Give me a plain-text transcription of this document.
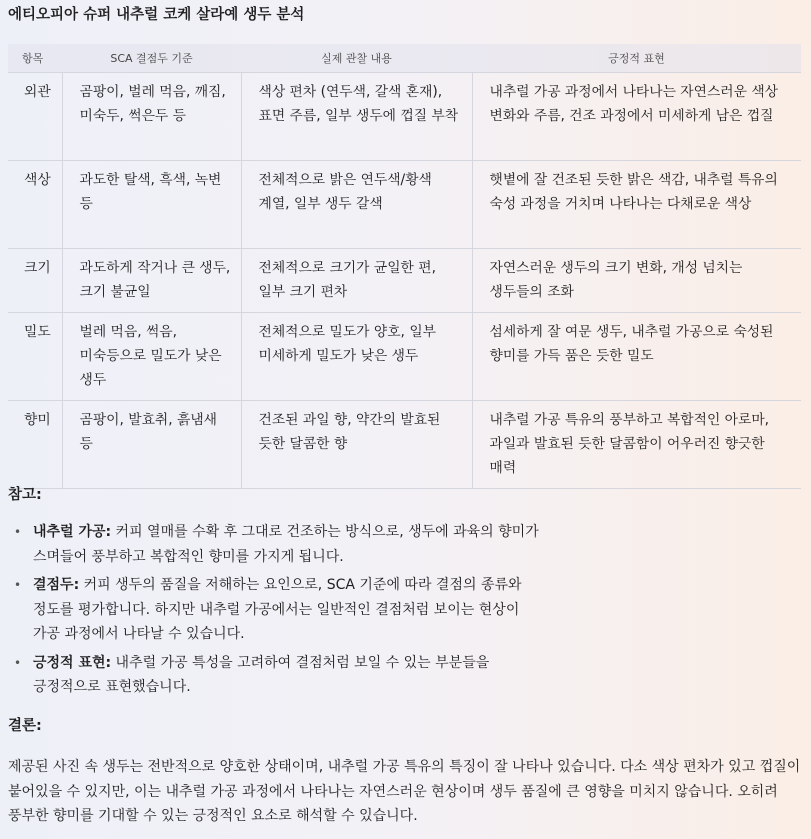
에티오피아 슈퍼 내추럴 코케 살라예 생두 분석
항목	SCA 결점두 기준	실제 관찰 내용	긍정적 표현
외관	곰팡이, 벌레 먹음, 깨짐, 미숙두, 썩은두 등	색상 편차 (연두색, 갈색 혼재), 표면 주름, 일부 생두에 껍질 부착	내추럴 가공 과정에서 나타나는 자연스러운 색상 변화와 주름, 건조 과정에서 미세하게 남은 껍질
색상	과도한 탈색, 흑색, 녹변 등	전체적으로 밝은 연두색/황색 계열, 일부 생두 갈색	햇볕에 잘 건조된 듯한 밝은 색감, 내추럴 특유의 숙성 과정을 거치며 나타나는 다채로운 색상
크기	과도하게 작거나 큰 생두, 크기 불균일	전체적으로 크기가 균일한 편, 일부 크기 편차	자연스러운 생두의 크기 변화, 개성 넘치는 생두들의 조화
밀도	벌레 먹음, 썩음, 미숙등으로 밀도가 낮은 생두	전체적으로 밀도가 양호, 일부 미세하게 밀도가 낮은 생두	섬세하게 잘 여문 생두, 내추럴 가공으로 숙성된 향미를 가득 품은 듯한 밀도
향미	곰팡이, 발효취, 흙냄새 등	건조된 과일 향, 약간의 발효된 듯한 달콤한 향	내추럴 가공 특유의 풍부하고 복합적인 아로마, 과일과 발효된 듯한 달콤함이 어우러진 향긋한 매력
참고:
• 내추럴 가공: 커피 열매를 수확 후 그대로 건조하는 방식으로, 생두에 과육의 향미가 스며들어 풍부하고 복합적인 향미를 가지게 됩니다.
• 결점두: 커피 생두의 품질을 저해하는 요인으로, SCA 기준에 따라 결점의 종류와 정도를 평가합니다. 하지만 내추럴 가공에서는 일반적인 결점처럼 보이는 현상이 가공 과정에서 나타날 수 있습니다.
• 긍정적 표현: 내추럴 가공 특성을 고려하여 결점처럼 보일 수 있는 부분들을 긍정적으로 표현했습니다.
결론:
제공된 사진 속 생두는 전반적으로 양호한 상태이며, 내추럴 가공 특유의 특징이 잘 나타나 있습니다. 다소 색상 편차가 있고 껍질이 붙어있을 수 있지만, 이는 내추럴 가공 과정에서 나타나는 자연스러운 현상이며 생두 품질에 큰 영향을 미치지 않습니다. 오히려 풍부한 향미를 기대할 수 있는 긍정적인 요소로 해석할 수 있습니다.
